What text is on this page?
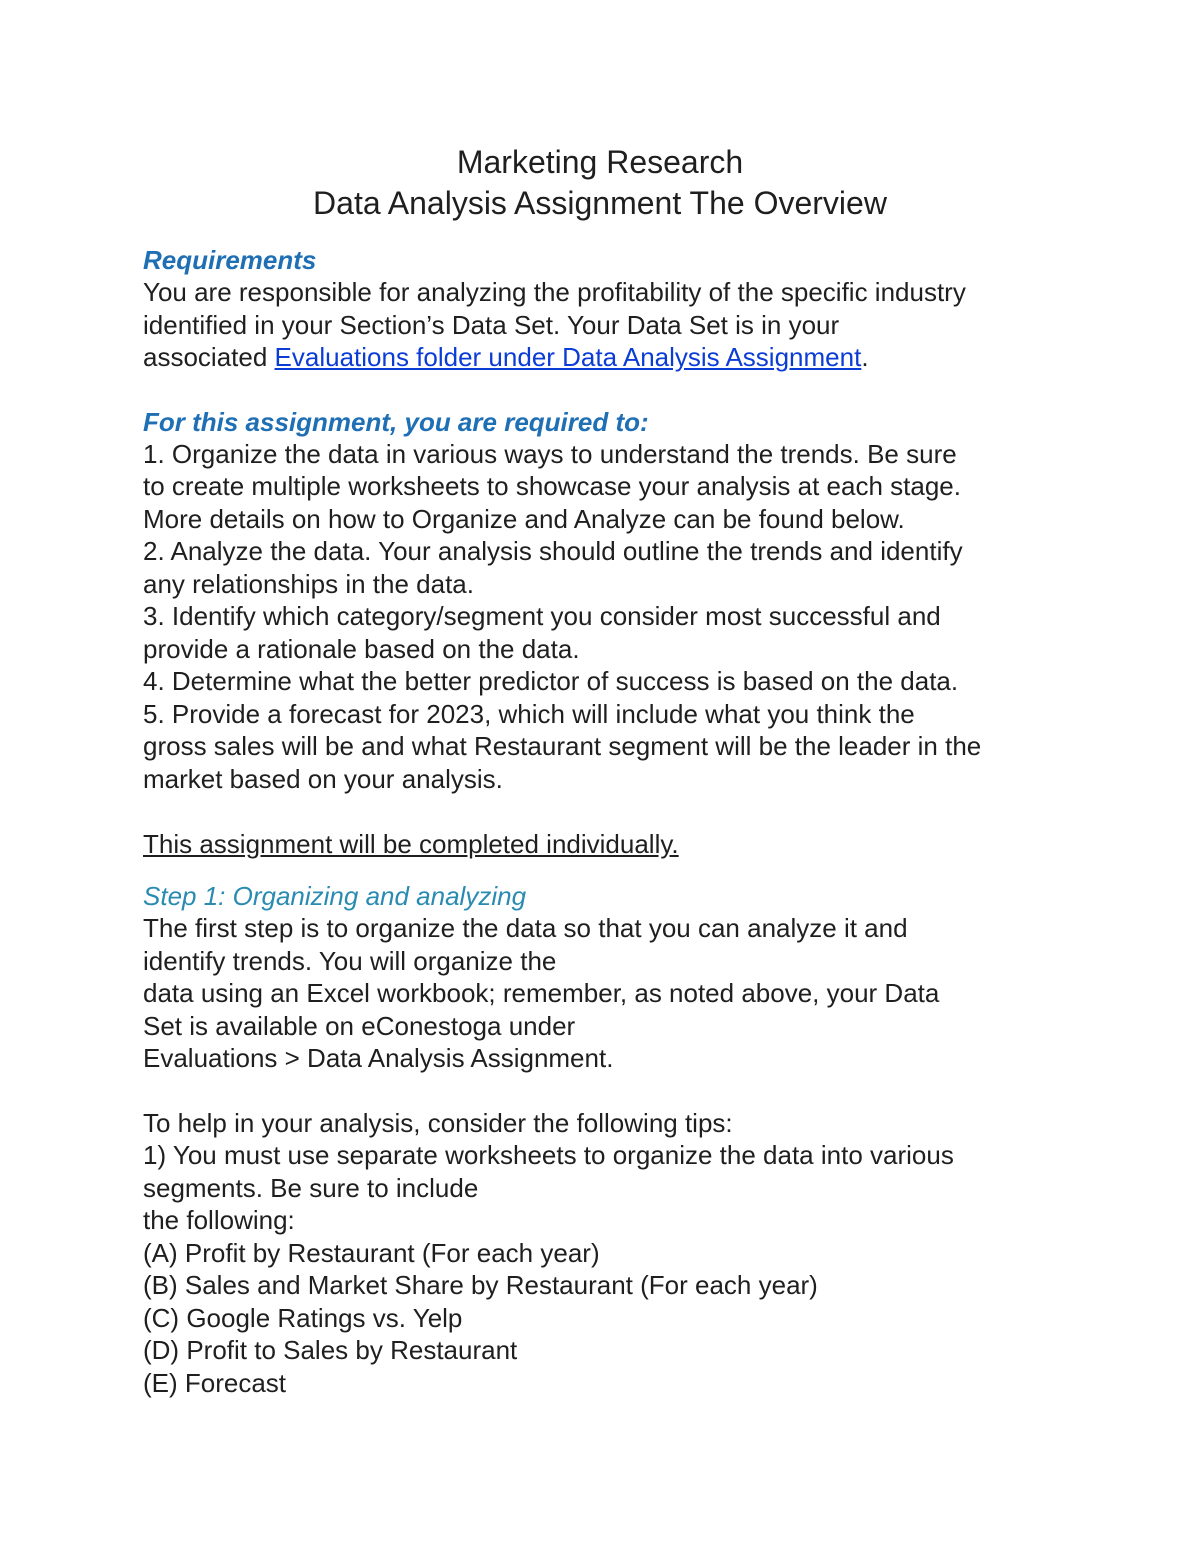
Marketing Research
Data Analysis Assignment The Overview
Requirements
You are responsible for analyzing the profitability of the specific industry
identified in your Section’s Data Set. Your Data Set is in your
associated Evaluations folder under Data Analysis Assignment.
For this assignment, you are required to:
1. Organize the data in various ways to understand the trends. Be sure
to create multiple worksheets to showcase your analysis at each stage.
More details on how to Organize and Analyze can be found below.
2. Analyze the data. Your analysis should outline the trends and identify
any relationships in the data.
3. Identify which category/segment you consider most successful and
provide a rationale based on the data.
4. Determine what the better predictor of success is based on the data.
5. Provide a forecast for 2023, which will include what you think the
gross sales will be and what Restaurant segment will be the leader in the
market based on your analysis.
This assignment will be completed individually.
Step 1: Organizing and analyzing
The first step is to organize the data so that you can analyze it and
identify trends. You will organize the
data using an Excel workbook; remember, as noted above, your Data
Set is available on eConestoga under
Evaluations > Data Analysis Assignment.
To help in your analysis, consider the following tips:
1) You must use separate worksheets to organize the data into various
segments. Be sure to include
the following:
(A) Profit by Restaurant (For each year)
(B) Sales and Market Share by Restaurant (For each year)
(C) Google Ratings vs. Yelp
(D) Profit to Sales by Restaurant
(E) Forecast
